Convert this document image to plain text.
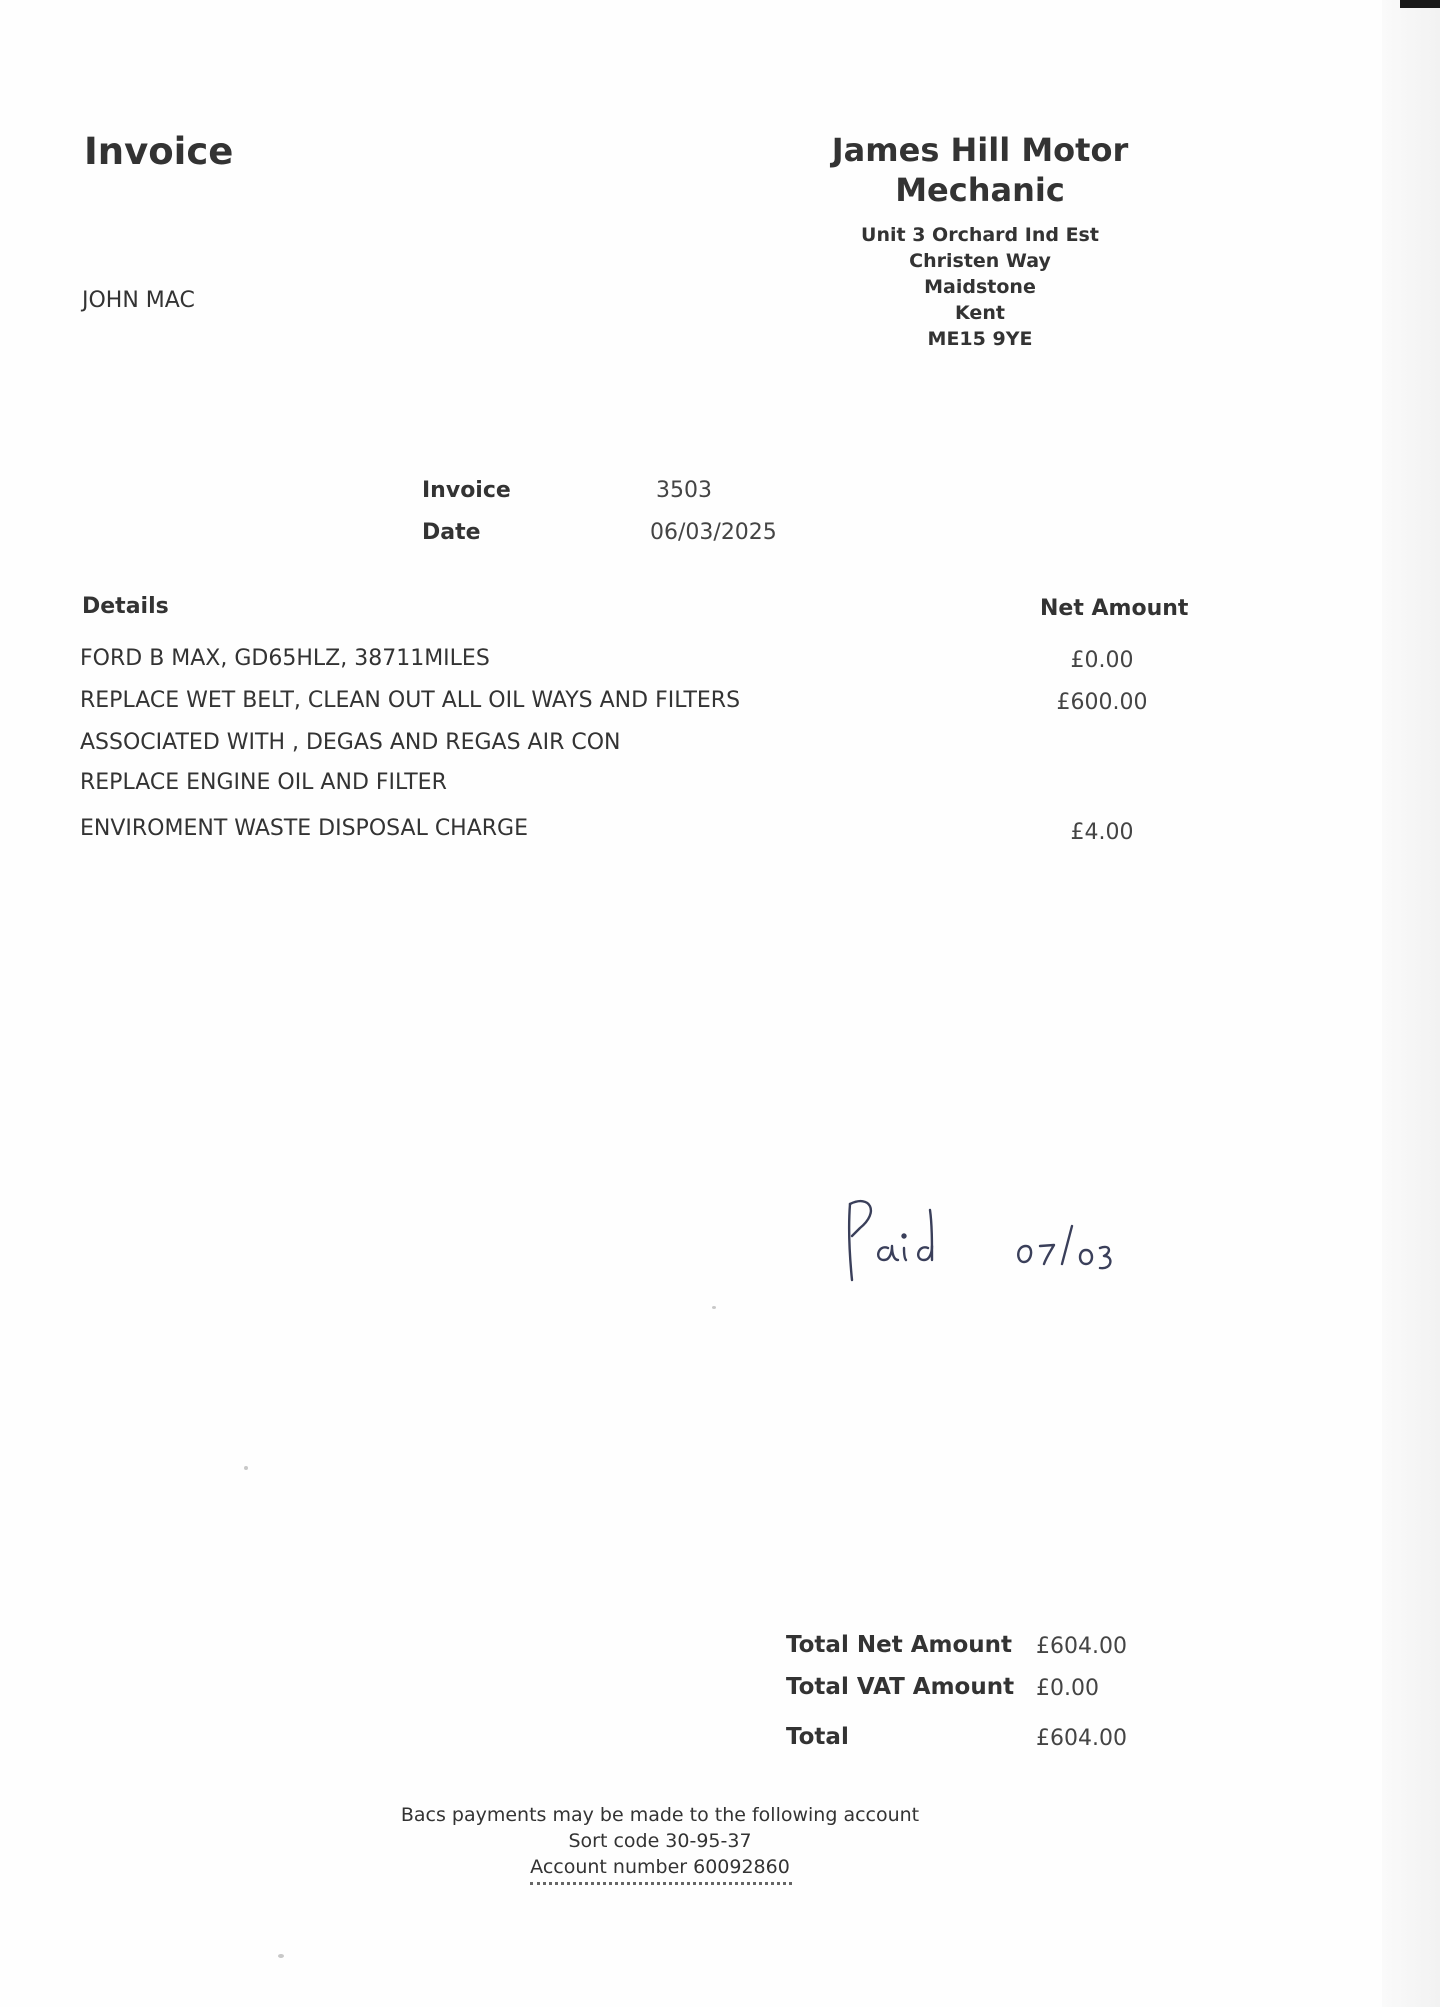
Invoice
JOHN MAC
James Hill Motor
Mechanic
Unit 3 Orchard Ind Est
Christen Way
Maidstone
Kent
ME15 9YE
Invoice	3503
Date	06/03/2025
Details	Net Amount
FORD B MAX, GD65HLZ, 38711MILES	£0.00
REPLACE WET BELT, CLEAN OUT ALL OIL WAYS AND FILTERS	£600.00
ASSOCIATED WITH , DEGAS AND REGAS AIR CON
REPLACE ENGINE OIL AND FILTER
ENVIROMENT WASTE DISPOSAL CHARGE	£4.00
Total Net Amount £604.00
Total VAT Amount £0.00
Total	£604.00
Bacs payments may be made to the following account
Sort code 30-95-37
Account number 60092860
